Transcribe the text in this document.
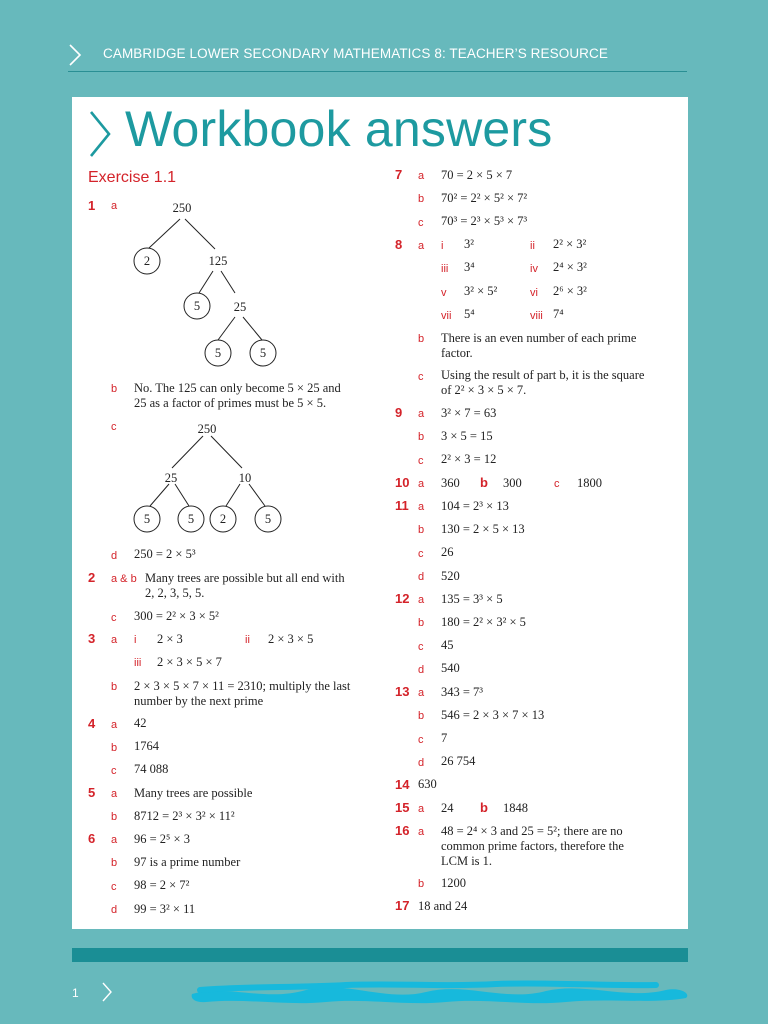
CAMBRIDGE LOWER SECONDARY MATHEMATICS 8: TEACHER’S RESOURCE
Workbook answers
Exercise 1.1
1 a	250
2	125
5	25
5	5
b No. The 125 can only become 5 × 25 and
25 as a factor of primes must be 5 × 5.
c	250
25	10
5	5 2	5
d 250 = 2 × 5³
2 a & b Many trees are possible but all end with
2, 2, 3, 5, 5.
c 300 = 2² × 3 × 5²
3 a i 2 × 3	ii 2 × 3 × 5
iii 2 × 3 × 5 × 7
b 2 × 3 × 5 × 7 × 11 = 2310; multiply the last
number by the next prime
4 a 42
b 1764
c 74 088
5 a Many trees are possible
b 8712 = 2³ × 3² × 11²
6 a 96 = 2⁵ × 3
b 97 is a prime number
c 98 = 2 × 7²
d 99 = 3² × 11
7 a 70 = 2 × 5 × 7
b 70² = 2² × 5² × 7²
c 70³ = 2³ × 5³ × 7³
8 a i 3²	ii 2² × 3²
iii 3⁴	iv 2⁴ × 3²
v 3² × 5²	vi 2⁶ × 3²
vii 5⁴	viii 7⁴
b There is an even number of each prime
factor.
c Using the result of part b, it is the square
of 2² × 3 × 5 × 7.
9 a 3² × 7 = 63
b 3 × 5 = 15
c 2² × 3 = 12
10 a 360 b 300	c 1800
11 a 104 = 2³ × 13
b 130 = 2 × 5 × 13
c 26
d 520
12 a 135 = 3³ × 5
b 180 = 2² × 3² × 5
c 45
d 540
13 a 343 = 7³
b 546 = 2 × 3 × 7 × 13
c 7
d 26 754
14 630
15 a 24 b 1848
16 a 48 = 2⁴ × 3 and 25 = 5²; there are no
common prime factors, therefore the
LCM is 1.
b 1200
17 18 and 24
1
